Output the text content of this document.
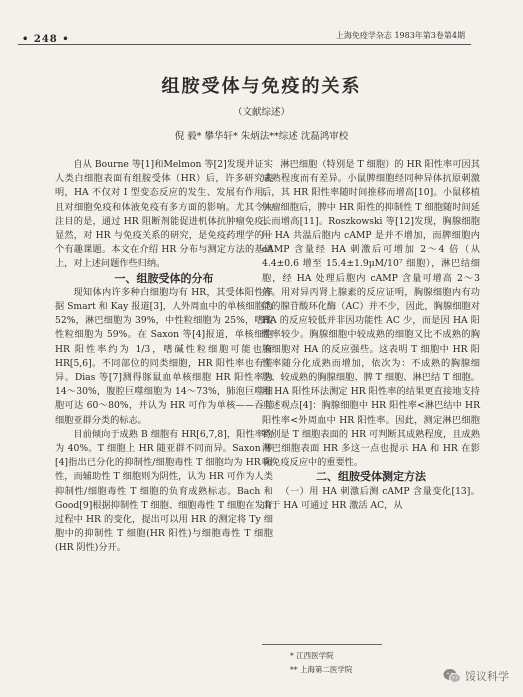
• 248 •	上海免疫学杂志 1983年第3卷第4期
组胺受体与免疫的关系
（文献综述）
倪 毅* 攀华轩* 朱炳法**综述 沈磊鸿审校

自从 Bourne 等[1]和Melmon 等[2]发现并证实人类白细胞表面有组胺受体（HR）后，许多研究表明，HA 不仅对 I 型变态反应的发生、发展有作用，且对细胞免疫和体液免疫有多方面的影响。尤其令人注目的是，通过 HR 阻断剂能促进机体抗肿瘤免疫。显然，对 HR 与免疫关系的研究，是免疫药理学的一个有趣课题。本文在介绍 HR 分布与测定方法的基础上，对上述问题作些归纳。

一、组胺受体的分布

现知体内许多种白细胞均有 HR，其受体阳性率据 Smart 和 Kay 报道[3]，人外周血中的单核细胞为 52%，淋巴细胞为 39%，中性粒细胞为 25%，嗜酸性粒细胞为 59%。在 Saxon 等[4]报道，单核细胞 HR 阳性率约为 1/3，嗜碱性粒细胞可能也有 HR[5,6]。不同部位的同类细胞，HR 阳性率也有差异。Dias 等[7]测得豚鼠血单核细胞 HR 阳性率为 14～30%，腹腔巨噬细胞为 14～73%，肺泡巨噬细胞可达 60～80%，并认为 HR 可作为单核——吞噬细胞亚群分类的标志。

目前倾向于成熟 B 细胞有 HR[6,7,8]，阳性率约为 40%。T 细胞上 HR 随亚群不同而异。Saxon 等[4]指出已分化的抑制性/细胞毒性 T 细胞均为 HR 阳性，而辅助性 T 细胞则为阴性，认为 HR 可作为人类抑制性/细胞毒性 T 细胞的负育成熟标志。Bach 和 Good[9]根据抑制性 T 细胞、细胞毒性 T 细胞在发育过程中 HR 的变化，提出可以用 HR 的测定将 Ty 细胞中的抑制性 T 细胞(HR 阳性)与细胞毒性 T 细胞(HR 阴性)分开。

淋巴细胞（特别是 T 细胞）的 HR 阳性率可因其成熟程度而有差异。小鼠脾细胞经同种异体抗原刺激后，其 HR 阳性率随时间推移而增高[10]。小鼠移植肿瘤细胞后，脾中 HR 阳性的抑制性 T 细胞随时间延长而增高[11]。Roszkowski 等[12]发现，胸腺细胞用 HA 共温后胞内 cAMP 是并不增加，而脾细胞内 cAMP 含量经 HA 刺激后可增加 2～4 倍（从 4.4±0.6 增至 15.4±1.9μM/10⁷ 细胞），淋巴结细胞，经 HA 处理后胞内 cAMP 含量可增高 2～3 倍。用对异丙肾上腺素的反应证明，胸腺细胞内有功能的腺苷酸环化酶（AC）并不少，因此，胸腺细胞对 HA 的反应较低并非因功能性 AC 少，而是因 HA 阳性率较少。胸腺细胞中较成熟的细胞又比不成熟的胸腺细胞对 HA 的反应强些。这表明 T 细胞中 HR 阳性率随分化成熟而增加，依次为：不成熟的胸腺细胞、较成熟的胸腺细胞、脾 T 细胞、淋巴结 T 细胞。用 HA 阳性环法测定 HR 阳性率的结果更直接地支持上述观点[4]：胸腺细胞中 HR 阳性率<淋巴结中 HR 阳性率<外周血中 HR 阳性率。因此，测定淋巴细胞特别是 T 细胞表面的 HR 可判断其成熟程度，且成熟淋巴细胞表面 HR 多这一点也提示 HA 和 HR 在影响免疫反应中的重要性。

二、组胺受体测定方法

（一）用 HA 刺激后测 cAMP 含量变化[13]。由于 HA 可通过 HR 激活 AC，从

* 江西医学院
** 上海第二医学院
馁议科学
